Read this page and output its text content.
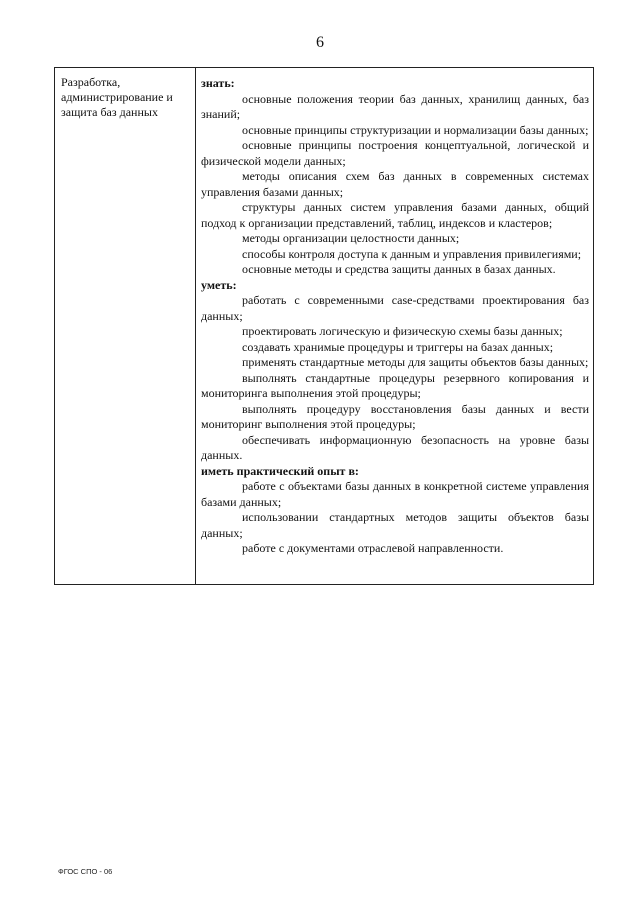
6
Разработка, администрирование и защита баз данных

знать:

основные положения теории баз данных, хранилищ данных, баз знаний;

основные принципы структуризации и нормализации базы данных;

основные принципы построения концептуальной, логической и физической модели данных;

методы описания схем баз данных в современных системах управления базами данных;

структуры данных систем управления базами данных, общий подход к организации представлений, таблиц, индексов и кластеров;

методы организации целостности данных;

способы контроля доступа к данным и управления привилегиями;

основные методы и средства защиты данных в базах данных.

уметь:

работать с современными case-средствами проектирования баз данных;

проектировать логическую и физическую схемы базы данных;

создавать хранимые процедуры и триггеры на базах данных;

применять стандартные методы для защиты объектов базы данных;

выполнять стандартные процедуры резервного копирования и мониторинга выполнения этой процедуры;

выполнять процедуру восстановления базы данных и вести мониторинг выполнения этой процедуры;

обеспечивать информационную безопасность на уровне базы данных.

иметь практический опыт в:

работе с объектами базы данных в конкретной системе управления базами данных;

использовании стандартных методов защиты объектов базы данных;

работе с документами отраслевой направленности.

ФГОС СПО - 06
